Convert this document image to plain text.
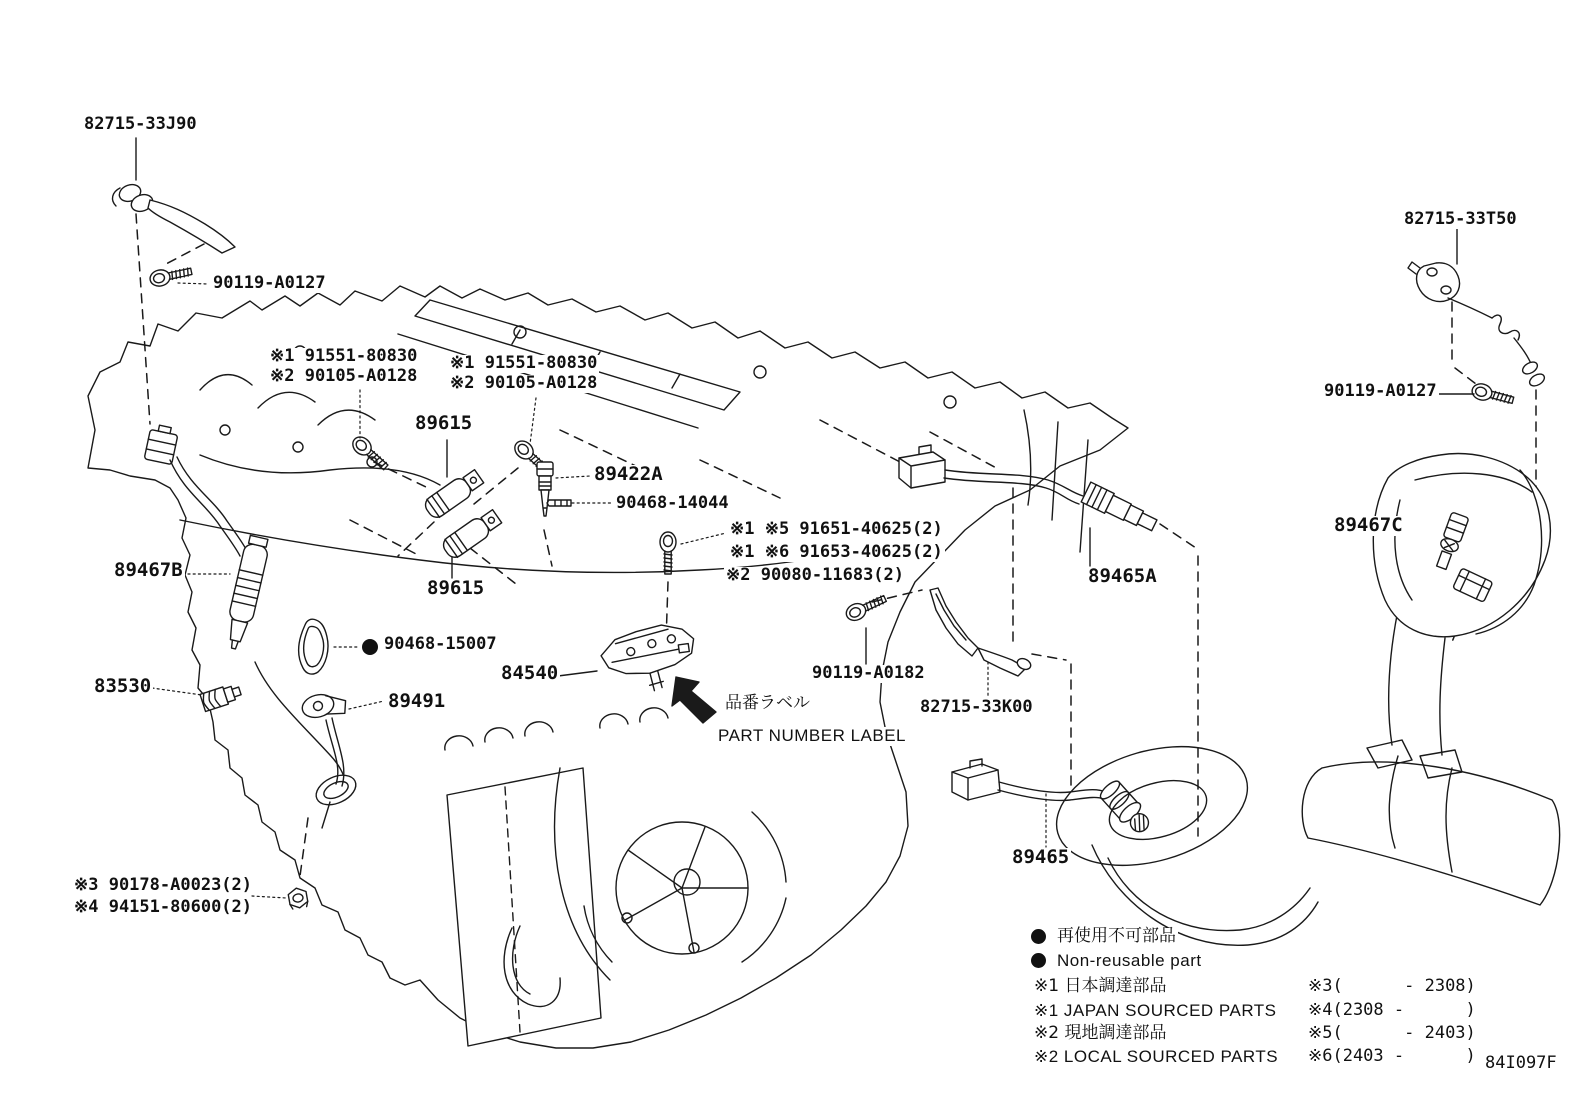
82715-33J90
90119-A0127
※1 91551-80830
※2 90105-A0128
※1 91551-80830
※2 90105-A0128
89615
89422A
90468-14044
※1 ※5 91651-40625(2)
※1 ※6 91653-40625(2)
※2 90080-11683(2)
89467B
89615
90468-15007
84540
83530
89491	品番ラベル
PART NUMBER LABEL
90119-A0182
82715-33K00
89465A
89465
82715-33T50
90119-A0127
89467C
※3 90178-A0023(2)
※4 94151-80600(2)
再使用不可部品
Non-reusable part
※1 日本調達部品
※1 JAPAN SOURCED PARTS
※2 現地調達部品
※2 LOCAL SOURCED PARTS
※3(      - 2308)
※4(2308 -      )
※5(      - 2403)
※6(2403 -      ) 84I097F
